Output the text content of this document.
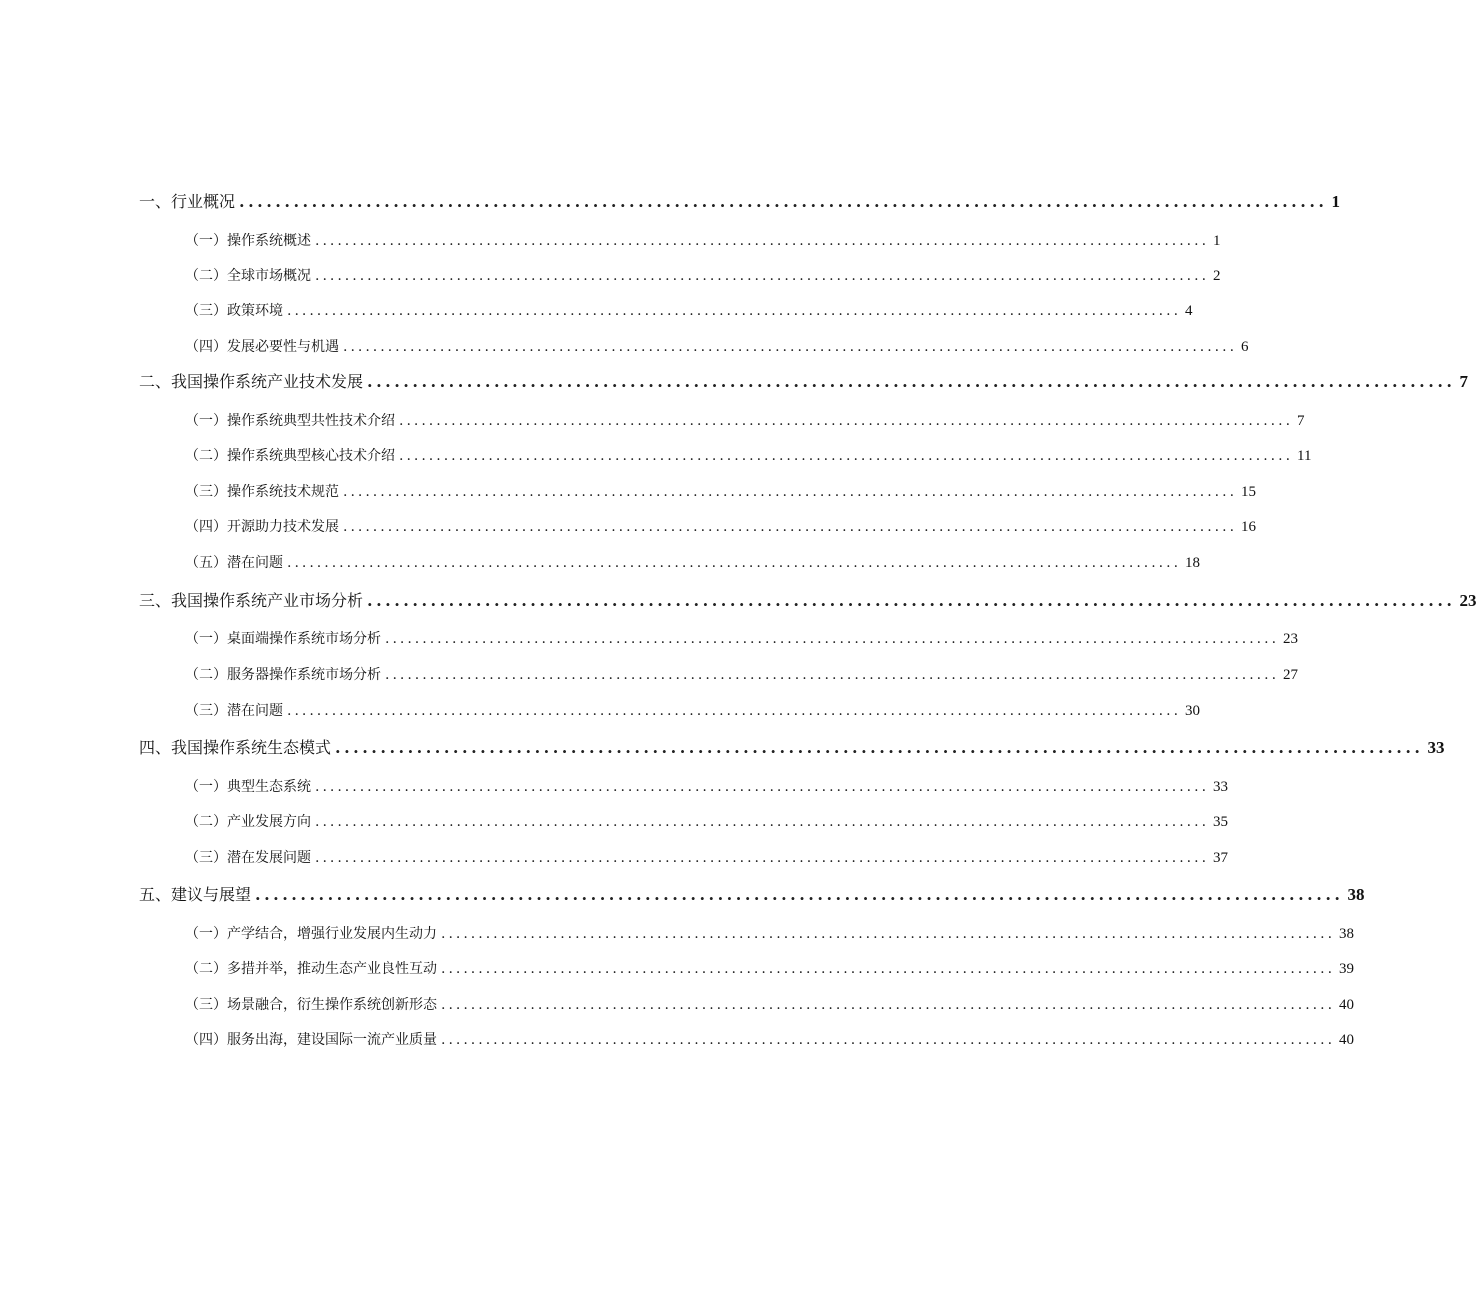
一、行业概况 ........................................................................................................................ 1
（一）操作系统概述 ........................................................................................................................ 1
（二）全球市场概况 ........................................................................................................................ 2
（三）政策环境 ........................................................................................................................ 4
（四）发展必要性与机遇 ........................................................................................................................ 6
二、我国操作系统产业技术发展 ........................................................................................................................ 7
（一）操作系统典型共性技术介绍 ........................................................................................................................ 7
（二）操作系统典型核心技术介绍 ........................................................................................................................ 11
（三）操作系统技术规范 ........................................................................................................................ 15
（四）开源助力技术发展 ........................................................................................................................ 16
（五）潜在问题 ........................................................................................................................ 18
三、我国操作系统产业市场分析 ........................................................................................................................ 23
（一）桌面端操作系统市场分析 ........................................................................................................................ 23
（二）服务器操作系统市场分析 ........................................................................................................................ 27
（三）潜在问题 ........................................................................................................................ 30
四、我国操作系统生态模式 ........................................................................................................................ 33
（一）典型生态系统 ........................................................................................................................ 33
（二）产业发展方向 ........................................................................................................................ 35
（三）潜在发展问题 ........................................................................................................................ 37
五、建议与展望 ........................................................................................................................ 38
（一）产学结合，增强行业发展内生动力 ........................................................................................................................ 38
（二）多措并举，推动生态产业良性互动 ........................................................................................................................ 39
（三）场景融合，衍生操作系统创新形态 ........................................................................................................................ 40
（四）服务出海，建设国际一流产业质量 ........................................................................................................................ 40
